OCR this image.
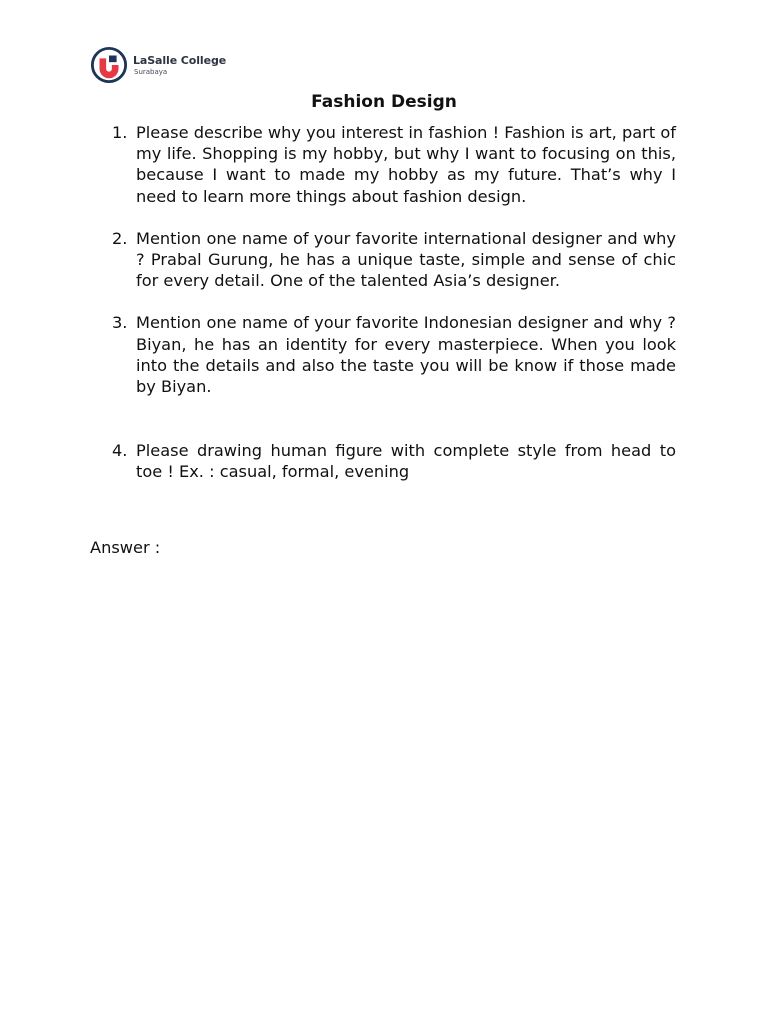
LaSalle College
Surabaya
Fashion Design
1. Please describe why you interest in fashion ! Fashion is art, part of my life. Shopping is my hobby, but why I want to focusing on this, because I want to made my hobby as my future. That’s why I need to learn more things about fashion design.
2. Mention one name of your favorite international designer and why ? Prabal Gurung, he has a unique taste, simple and sense of chic for every detail. One of the talented Asia’s designer.
3. Mention one name of your favorite Indonesian designer and why ? Biyan, he has an identity for every masterpiece. When you look into the details and also the taste you will be know if those made by Biyan.
4. Please drawing human figure with complete style from head to toe ! Ex. : casual, formal, evening

Answer :
